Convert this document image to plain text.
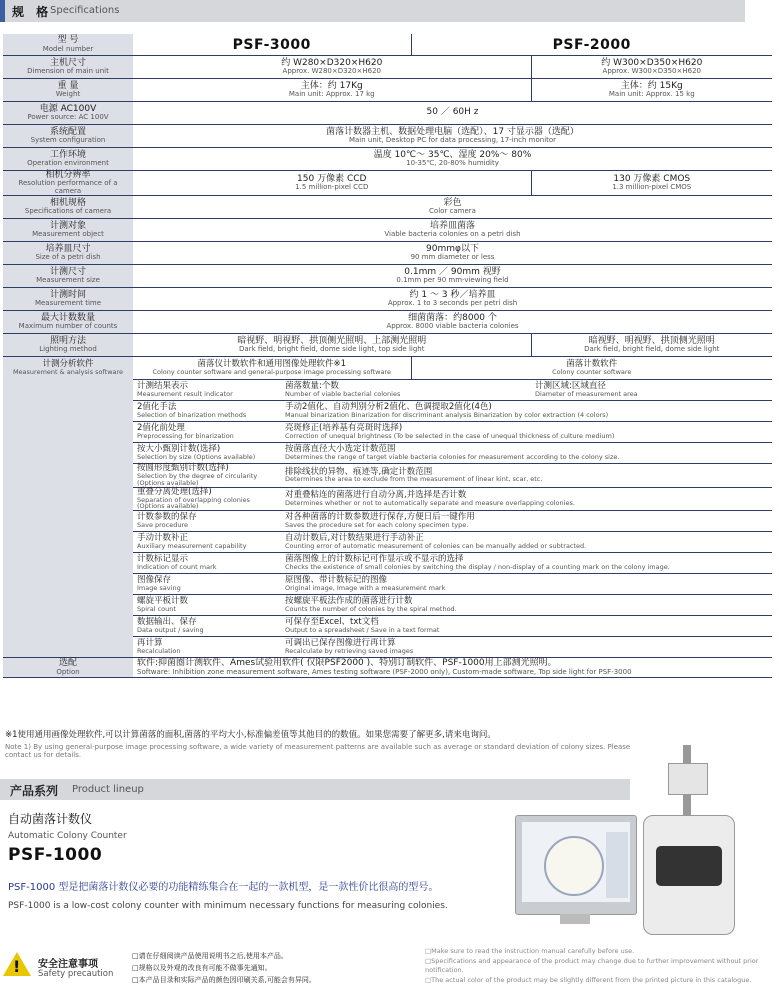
规 格
Specifications
型 号
Model number	PSF-3000		PSF-2000	

主机尺寸
Dimension of main unit	约 W280×D320×H620
Approx. W280×D320×H620			约 W300×D350×H620
Approx. W300×D350×H620

重 量
Weight	主体：约 17Kg
Main unit: Approx. 17 kg			主体：约 15Kg
Main unit: Approx. 15 kg

电源 AC100V
Power source: AC 100V	50 ／ 60H z			

系统配置
System configuration	菌落计数器主机、数据处理电脑（选配）、17 寸显示器（选配）
Main unit, Desktop PC for data processing, 17-inch monitor			

工作环境
Operation environment	温度 10℃～ 35℃、湿度 20%～ 80%
10-35℃, 20-80% humidity			

相机分辨率
Resolution performance of a camera	150 万像素 CCD
1.5 million-pixel CCD			130 万像素 CMOS
1.3 million-pixel CMOS

相机规格
Specifications of camera	彩色
Color camera			

计测对象
Measurement object	培养皿菌落
Viable bacteria colonies on a petri dish			

培养皿尺寸
Size of a petri dish	90mmφ以下
90 mm diameter or less			

计测尺寸
Measurement size	0.1mm ／ 90mm 视野
0.1mm per 90 mm-viewing field			

计测时间
Measurement time	约 1 ～ 3 秒／培养皿
Approx. 1 to 3 seconds per petri dish			

最大计数数量
Maximum number of counts	细菌菌落：约8000 个
Approx. 8000 viable bacteria colonies			

照明方法
Lighting method	暗视野、明视野、拱顶侧光照明、上部测光照明
Dark field, bright field, dome side light, top side light			暗视野、明视野、拱顶侧光照明
Dark field, bright field, dome side light

计测分析软件
Measurement & analysis software	菌落仪计数软件和通用图像处理软件※1
Colony counter software and general-purpose image processing software		菌落计数软件
Colony counter software	

	计测结果表示
Measurement result indicator	菌落数量:个数
Number of viable bacterial colonies		计测区域:区域直径
Diameter of measurement area

	2值化手法
Selection of binarization methods	手动2值化、自动判别分析2值化、色调提取2值化(4色)
Manual binarization Binarization for discriminant analysis Binarization by color extraction (4 colors)		

	2值化前处理
Preprocessing for binarization	亮斑修正(培养基有亮斑时选择)
Correction of unequal brightness (To be selected in the case of unequal thickness of culture medium)		

	按大小甄别计数(选择)
Selection by size (Options available)	按菌落直径大小选定计数范围
Determines the range of target viable bacteria colonies for measurement according to the colony size.		

	按圆形度甄别计数(选择)
Selection by the degree of circularity (Options available)	排除线状的异物、痕迹等,确定计数范围
Determines the area to exclude from the measurement of linear kint, scar, etc.		

	重叠分离处理(选择)
Separation of overlapping colonies (Options available)	对重叠粘连的菌落进行自动分离,并选择是否计数
Determines whether or not to automatically separate and measure overlapping colonies.		

	计数参数的保存
Save procedure	对各种菌落的计数参数进行保存,方便日后一键作用
Saves the procedure set for each colony specimen type.		

	手动计数补正
Auxiliary measurement capability	自动计数后,对计数结果进行手动补正
Counting error of automatic measurement of colonies can be manually added or subtracted.		

	计数标记显示
Indication of count mark	菌落图像上的计数标记可作显示或不显示的选择
Checks the existence of small colonies by switching the display / non-display of a counting mark on the colony image.		

	图像保存
Image saving	原图像、带计数标记的图像
Original image, Image with a measurement mark		

	螺旋平板计数
Spiral count	按螺旋平板法作成的菌落进行计数
Counts the number of colonies by the spiral method.		

	数据输出、保存
Data output / saving	可保存至Excel、txt文档
Output to a spreadsheet / Save in a text format		

	再计算
Recalculation	可调出已保存图像进行再计算
Recalculate by retrieving saved images		

选配
Option	软件:抑菌圈计测软件、Ames试验用软件( 仅限PSF2000 )、特别订制软件、PSF-1000用上部测光照明。
Software: Inhibition zone measurement software, Ames testing software (PSF-2000 only), Custom-made software, Top side light for PSF-3000			
※1使用通用画像处理软件,可以计算菌落的面积,菌落的平均大小,标准偏差值等其他目的的数值。如果您需要了解更多,请来电询问。
Note 1) By using general-purpose image processing software, a wide variety of measurement patterns are available such as average or standard deviation of colony sizes. Please contact us for details.
产品系列 Product lineup
自动菌落计数仪
Automatic Colony Counter
PSF-1000
PSF-1000 型是把菌落计数仪必要的功能精练集合在一起的一款机型，是一款性价比很高的型号。
PSF-1000 is a low-cost colony counter with minimum necessary functions for measuring colonies.
! 安全注意事项
Safety precaution
□请在仔细阅读产品使用说明书之后,使用本产品。
□规格以及外观的改良有可能不做事先通知。
□本产品目录和实际产品的颜色因印刷关系,可能会有异同。
□Make sure to read the instruction manual carefully before use.
□Specifications and appearance of the product may change due to further improvement without prior notification.
□The actual color of the product may be slightly different from the printed picture in this catalogue.
